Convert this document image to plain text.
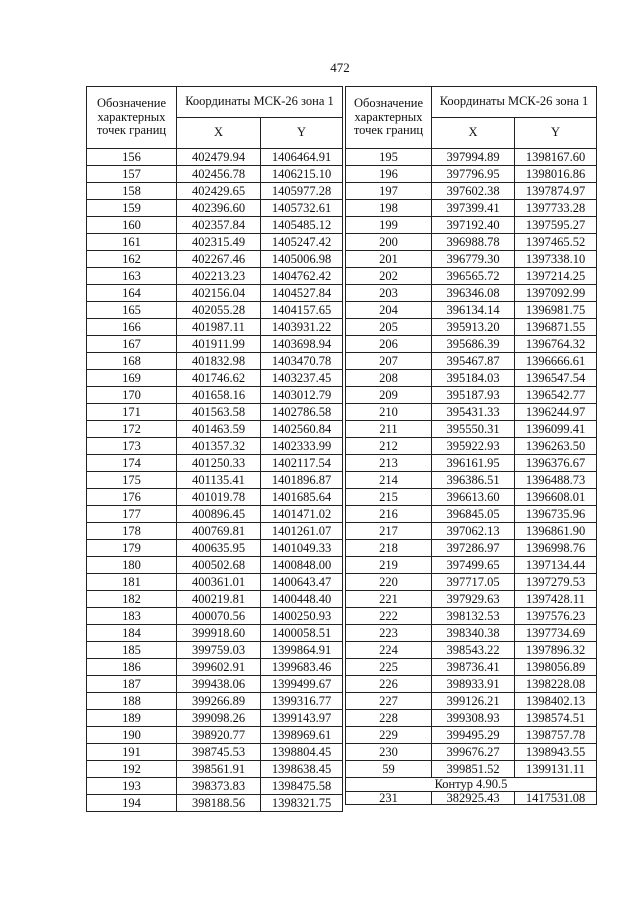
472
Обозначение характерных точек границ	Координаты МСК-26 зона 1	
	X	Y
156	402479.94	1406464.91
157	402456.78	1406215.10
158	402429.65	1405977.28
159	402396.60	1405732.61
160	402357.84	1405485.12
161	402315.49	1405247.42
162	402267.46	1405006.98
163	402213.23	1404762.42
164	402156.04	1404527.84
165	402055.28	1404157.65
166	401987.11	1403931.22
167	401911.99	1403698.94
168	401832.98	1403470.78
169	401746.62	1403237.45
170	401658.16	1403012.79
171	401563.58	1402786.58
172	401463.59	1402560.84
173	401357.32	1402333.99
174	401250.33	1402117.54
175	401135.41	1401896.87
176	401019.78	1401685.64
177	400896.45	1401471.02
178	400769.81	1401261.07
179	400635.95	1401049.33
180	400502.68	1400848.00
181	400361.01	1400643.47
182	400219.81	1400448.40
183	400070.56	1400250.93
184	399918.60	1400058.51
185	399759.03	1399864.91
186	399602.91	1399683.46
187	399438.06	1399499.67
188	399266.89	1399316.77
189	399098.26	1399143.97
190	398920.77	1398969.61
191	398745.53	1398804.45
192	398561.91	1398638.45
193	398373.83	1398475.58
194	398188.56	1398321.75
Обозначение характерных точек границ	Координаты МСК-26 зона 1	
	X	Y
195	397994.89	1398167.60
196	397796.95	1398016.86
197	397602.38	1397874.97
198	397399.41	1397733.28
199	397192.40	1397595.27
200	396988.78	1397465.52
201	396779.30	1397338.10
202	396565.72	1397214.25
203	396346.08	1397092.99
204	396134.14	1396981.75
205	395913.20	1396871.55
206	395686.39	1396764.32
207	395467.87	1396666.61
208	395184.03	1396547.54
209	395187.93	1396542.77
210	395431.33	1396244.97
211	395550.31	1396099.41
212	395922.93	1396263.50
213	396161.95	1396376.67
214	396386.51	1396488.73
215	396613.60	1396608.01
216	396845.05	1396735.96
217	397062.13	1396861.90
218	397286.97	1396998.76
219	397499.65	1397134.44
220	397717.05	1397279.53
221	397929.63	1397428.11
222	398132.53	1397576.23
223	398340.38	1397734.69
224	398543.22	1397896.32
225	398736.41	1398056.89
226	398933.91	1398228.08
227	399126.21	1398402.13
228	399308.93	1398574.51
229	399495.29	1398757.78
230	399676.27	1398943.55
59	399851.52	1399131.11
Контур 4.90.5		
231	382925.43	1417531.08
